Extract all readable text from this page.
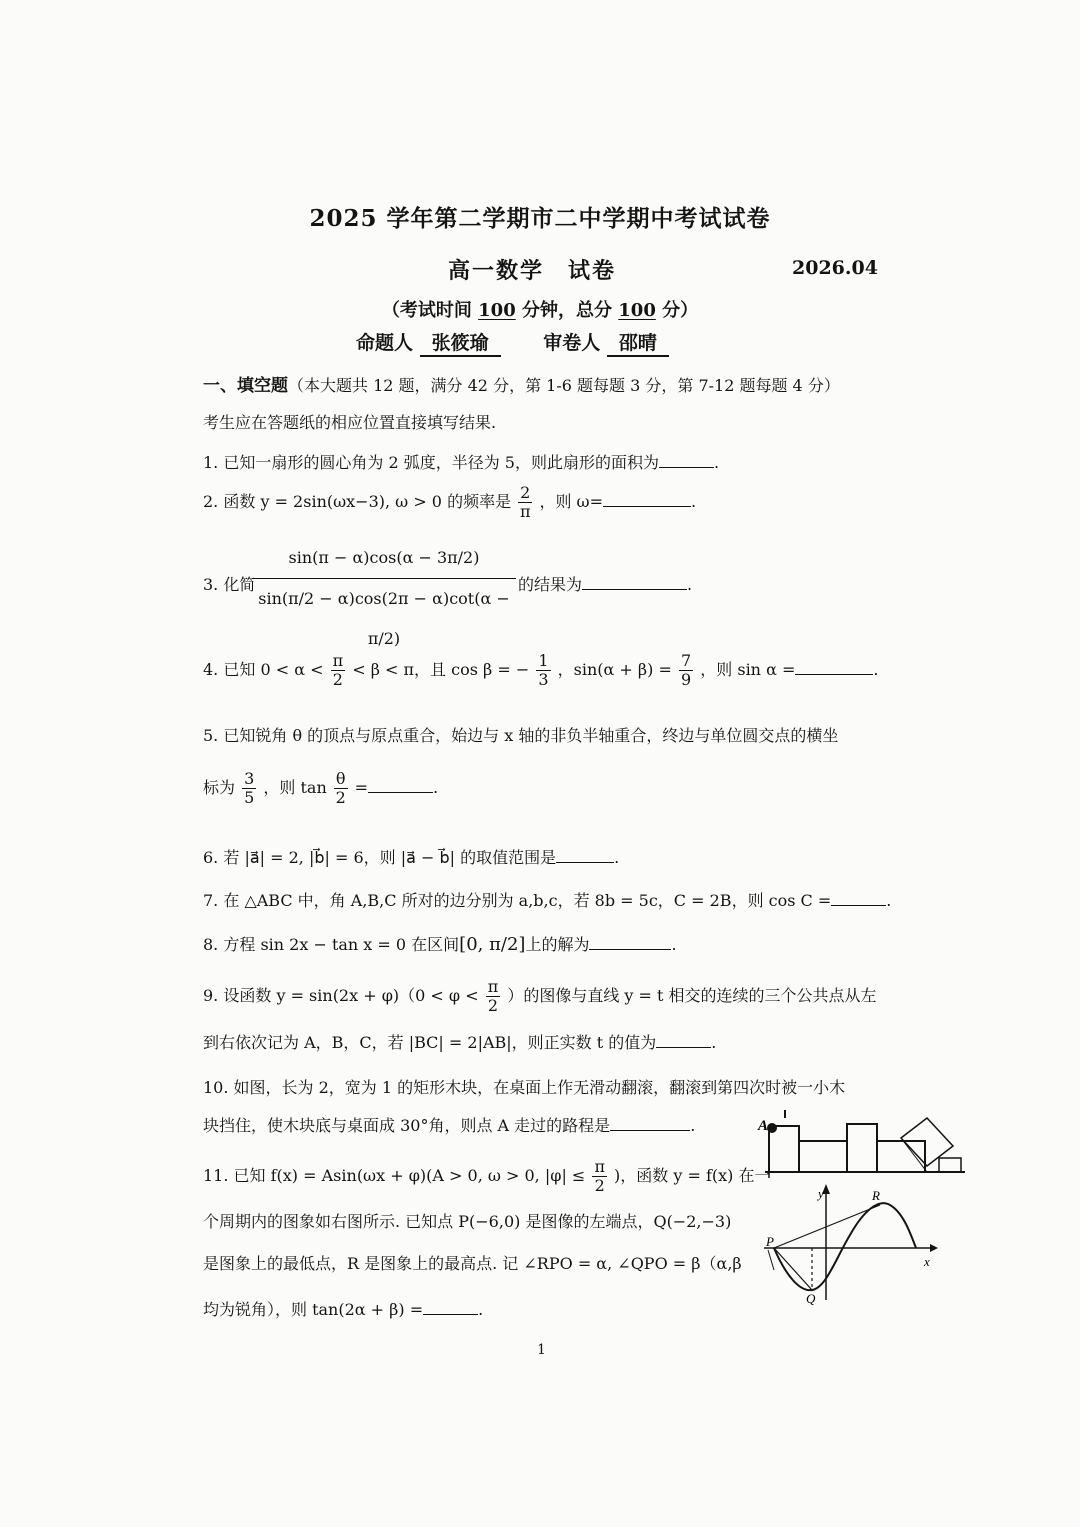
2025 学年第二学期市二中学期中考试试卷
高一数学　试卷	2026.04
（考试时间 100 分钟，总分 100 分）
命题人 张筱瑜	审卷人 邵晴
一、填空题（本大题共 12 题，满分 42 分，第 1-6 题每题 3 分，第 7-12 题每题 4 分）
考生应在答题纸的相应位置直接填写结果.
1. 已知一扇形的圆心角为 2 弧度，半径为 5，则此扇形的面积为	.
2. 函数 y = 2sin(ωx−3), ω > 0 的频率是 $\frac{2}{\pi}$ ，则 ω=	.
3. 化简
$\frac{\sin(\pi - \alpha)\cos(\alpha - 3\pi/2)}{\sin(\pi/2 - \alpha)\cos(2\pi - \alpha)\cot(\alpha - \pi/2)}$ 的结果为	.
4. 已知 $0 < \alpha < \frac{\pi}{2} < \beta < \pi$，且 cos β = − $\frac{1}{3}$ ，$\sin(\alpha + \beta) = \frac{7}{9}$ ，则 sin α =	.
5. 已知锐角 θ 的顶点与原点重合，始边与 x 轴的非负半轴重合，终边与单位圆交点的横坐
标为 $\frac{3}{5}$ ，则 $\tan \frac{\theta}{2}$ =	.
6. 若 |a⃗| = 2, |b⃗| = 6，则 |a⃗ − b⃗| 的取值范围是	.
7. 在 △ABC 中，角 A,B,C 所对的边分别为 a,b,c，若 8b = 5c，C = 2B，则 cos C =	.
8. 方程 sin 2x − tan x = 0 在区间[0, π/2]上的解为	.
9. 设函数 $y = \sin(2x + \varphi)(0 < \varphi < \frac{\pi}{2}$ ）的图像与直线 y = t 相交的连续的三个公共点从左
到右依次记为 A，B，C，若 |BC| = 2|AB|，则正实数 t 的值为	.
10. 如图，长为 2，宽为 1 的矩形木块，在桌面上作无滑动翻滚，翻滚到第四次时被一小木
块挡住，使木块底与桌面成 30°角，则点 A 走过的路程是	.
11. 已知 f(x) = Asin(ωx + φ)(A > 0, ω > 0, $|\varphi| \le \frac{\pi}{2}$ )，函数 y = f(x) 在一
个周期内的图象如右图所示. 已知点 P(−6,0) 是图像的左端点，Q(−2,−3)
是图象上的最低点，R 是图象上的最高点. 记 ∠RPO = α, ∠QPO = β（α,β
均为锐角），则 tan(2α + β) =	.
A
y
x
P
Q
R
1
